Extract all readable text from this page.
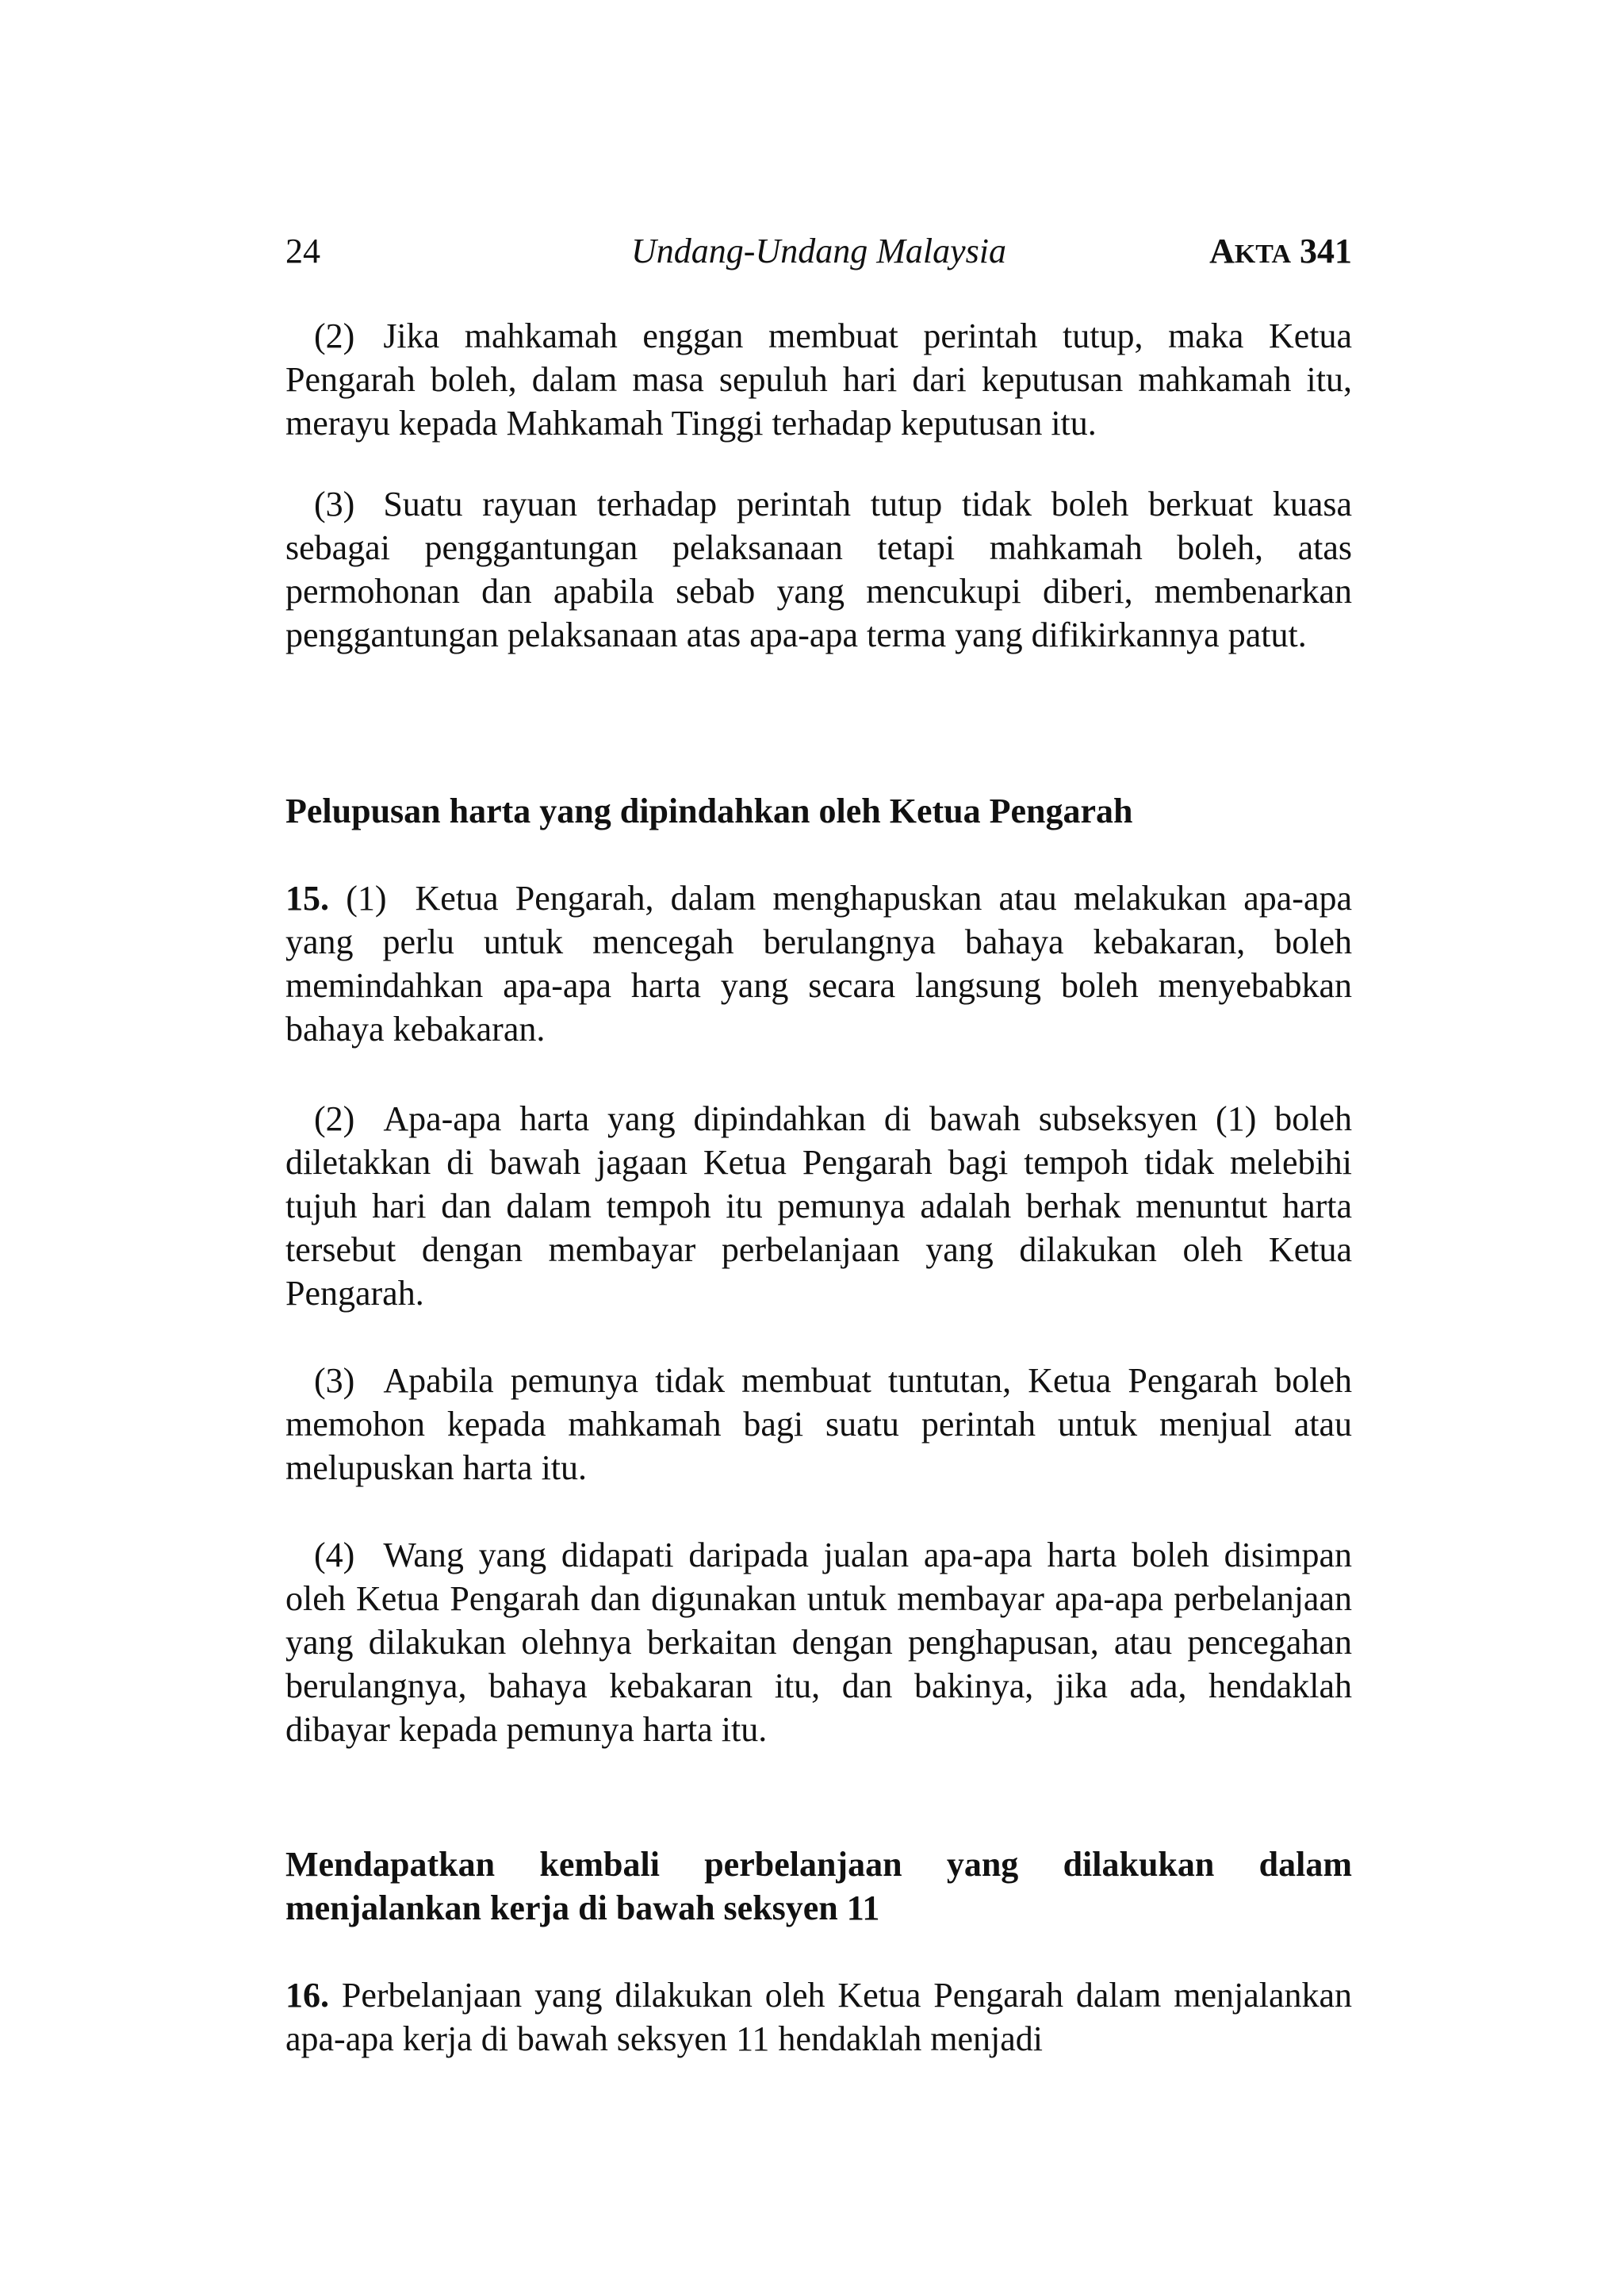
24	Undang-Undang Malaysia	AKTA 341

(2) Jika mahkamah enggan membuat perintah tutup, maka Ketua Pengarah boleh, dalam masa sepuluh hari dari keputusan mahkamah itu, merayu kepada Mahkamah Tinggi terhadap keputusan itu.

(3) Suatu rayuan terhadap perintah tutup tidak boleh berkuat kuasa sebagai penggantungan pelaksanaan tetapi mahkamah boleh, atas permohonan dan apabila sebab yang mencukupi diberi, membenarkan penggantungan pelaksanaan atas apa-apa terma yang difikirkannya patut.

Pelupusan harta yang dipindahkan oleh Ketua Pengarah

15. (1) Ketua Pengarah, dalam menghapuskan atau melakukan apa-apa yang perlu untuk mencegah berulangnya bahaya kebakaran, boleh memindahkan apa-apa harta yang secara langsung boleh menyebabkan bahaya kebakaran.

(2) Apa-apa harta yang dipindahkan di bawah subseksyen (1) boleh diletakkan di bawah jagaan Ketua Pengarah bagi tempoh tidak melebihi tujuh hari dan dalam tempoh itu pemunya adalah berhak menuntut harta tersebut dengan membayar perbelanjaan yang dilakukan oleh Ketua Pengarah.

(3) Apabila pemunya tidak membuat tuntutan, Ketua Pengarah boleh memohon kepada mahkamah bagi suatu perintah untuk menjual atau melupuskan harta itu.

(4) Wang yang didapati daripada jualan apa-apa harta boleh disimpan oleh Ketua Pengarah dan digunakan untuk membayar apa-apa perbelanjaan yang dilakukan olehnya berkaitan dengan penghapusan, atau pencegahan berulangnya, bahaya kebakaran itu, dan bakinya, jika ada, hendaklah dibayar kepada pemunya harta itu.

Mendapatkan kembali perbelanjaan yang dilakukan dalam menjalankan kerja di bawah seksyen 11

16. Perbelanjaan yang dilakukan oleh Ketua Pengarah dalam menjalankan apa-apa kerja di bawah seksyen 11 hendaklah menjadi
